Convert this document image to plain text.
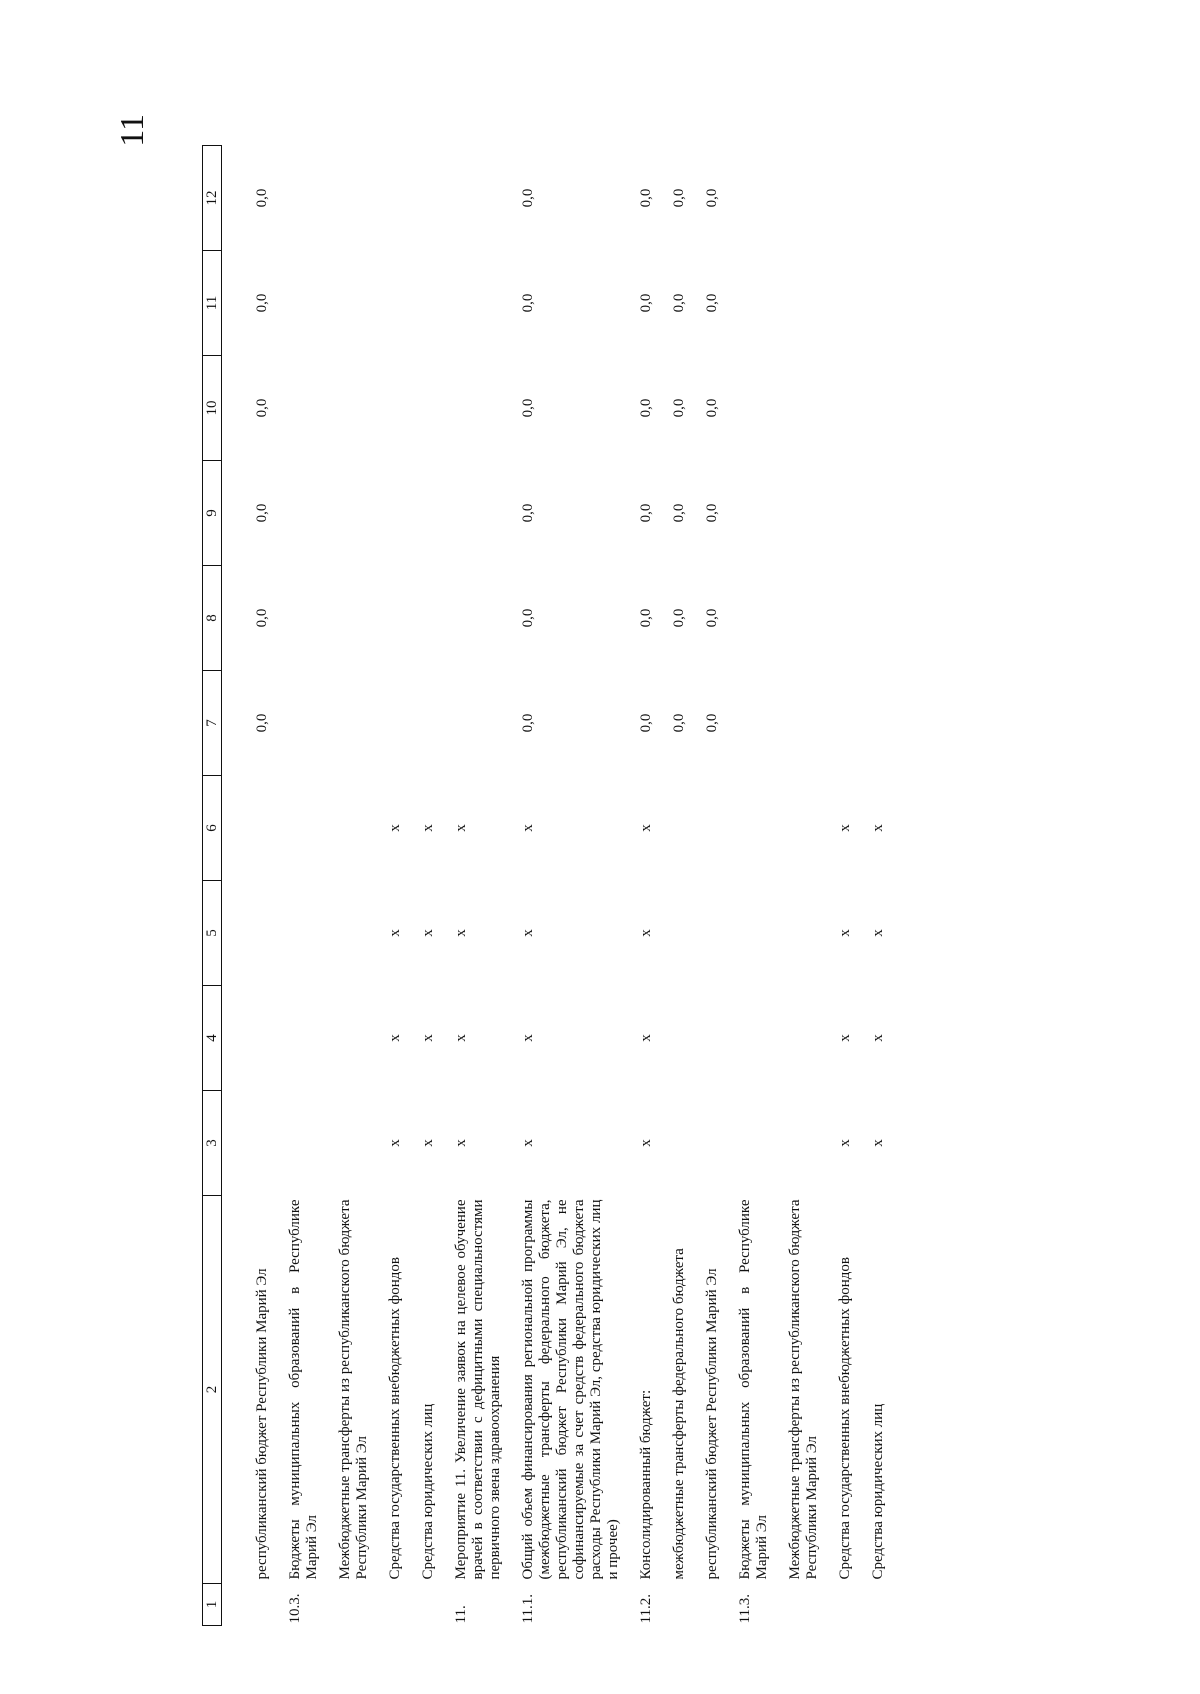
11
1	2	3	4	5	6	7	8	9	10	11	12

	республиканский бюджет Республики Марий Эл					0,0	0,0	0,0	0,0	0,0	0,0
10.3.	Бюджеты муниципальных образований в Республике Марий Эл										
	Межбюджетные трансферты из республиканского бюджета Республики Марий Эл										
	Средства государственных внебюджетных фондов	x	x	x	x						
	Средства юридических лиц	x	x	x	x						
11.	Мероприятие 11. Увеличение заявок на целевое обучение врачей в соответствии с дефицитными специальностями первичного звена здравоохранения	x	x	x	x						
11.1.	Общий объем финансирования региональной программы (межбюджетные трансферты федерального бюджета, республиканский бюджет Республики Марий Эл, не софинансируемые за счет средств федерального бюджета расходы Республики Марий Эл, средства юридических лиц и прочее)	x	x	x	x	0,0	0,0	0,0	0,0	0,0	0,0
11.2.	Консолидированный бюджет:	x	x	x	x	0,0	0,0	0,0	0,0	0,0	0,0
	межбюджетные трансферты федерального бюджета					0,0	0,0	0,0	0,0	0,0	0,0
	республиканский бюджет Республики Марий Эл					0,0	0,0	0,0	0,0	0,0	0,0
11.3.	Бюджеты муниципальных образований в Республике Марий Эл										
	Межбюджетные трансферты из республиканского бюджета Республики Марий Эл										
	Средства государственных внебюджетных фондов	x	x	x	x						
	Средства юридических лиц	x	x	x	x						
